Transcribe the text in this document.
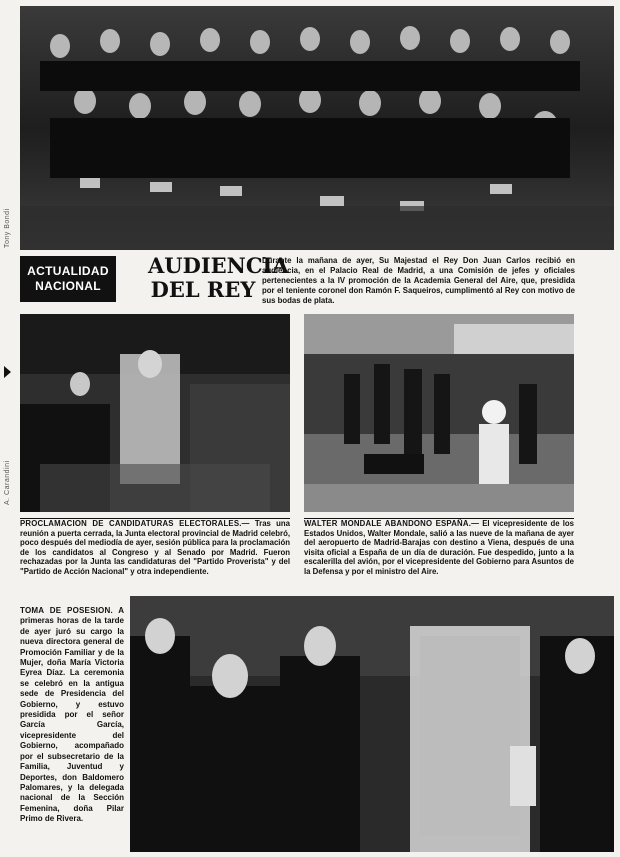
Tony Bondi
ACTUALIDAD
NACIONAL
AUDIENCIA
DEL REY
Durante la mañana de ayer, Su Majestad el Rey Don Juan Carlos recibió en audiencia, en el Palacio Real de Madrid, a una Comisión de jefes y oficiales pertenecientes a la IV promoción de la Academia General del Aire, que, presidida por el teniente coronel don Ramón F. Saqueiros, cumplimentó al Rey con motivo de sus bodas de plata.
A. Carandini
PROCLAMACION DE CANDIDATURAS ELECTORALES.— Tras una reunión a puerta cerrada, la Junta electoral provincial de Madrid celebró, poco después del mediodía de ayer, sesión pública para la proclamación de los candidatos al Congreso y al Senado por Madrid. Fueron rechazadas por la Junta las candidaturas del "Partido Proverista" y del "Partido de Acción Nacional" y otra independiente.
WALTER MONDALE ABANDONO ESPAÑA.— El vicepresidente de los Estados Unidos, Walter Mondale, salió a las nueve de la mañana de ayer del aeropuerto de Madrid-Barajas con destino a Viena, después de una visita oficial a España de un día de duración. Fue despedido, junto a la escalerilla del avión, por el vicepresidente del Gobierno para Asuntos de la Defensa y por el ministro del Aire.
TOMA DE POSESION. A primeras horas de la tarde de ayer juró su cargo la nueva directora general de Promoción Familiar y de la Mujer, doña María Victoria Eyrea Díaz. La ceremonia se celebró en la antigua sede de Presidencia del Gobierno, y estuvo presidida por el señor García García, vicepresidente del Gobierno, acompañado por el subsecretario de la Familia, Juventud y Deportes, don Baldomero Palomares, y la delegada nacional de la Sección Femenina, doña Pilar Primo de Rivera.
